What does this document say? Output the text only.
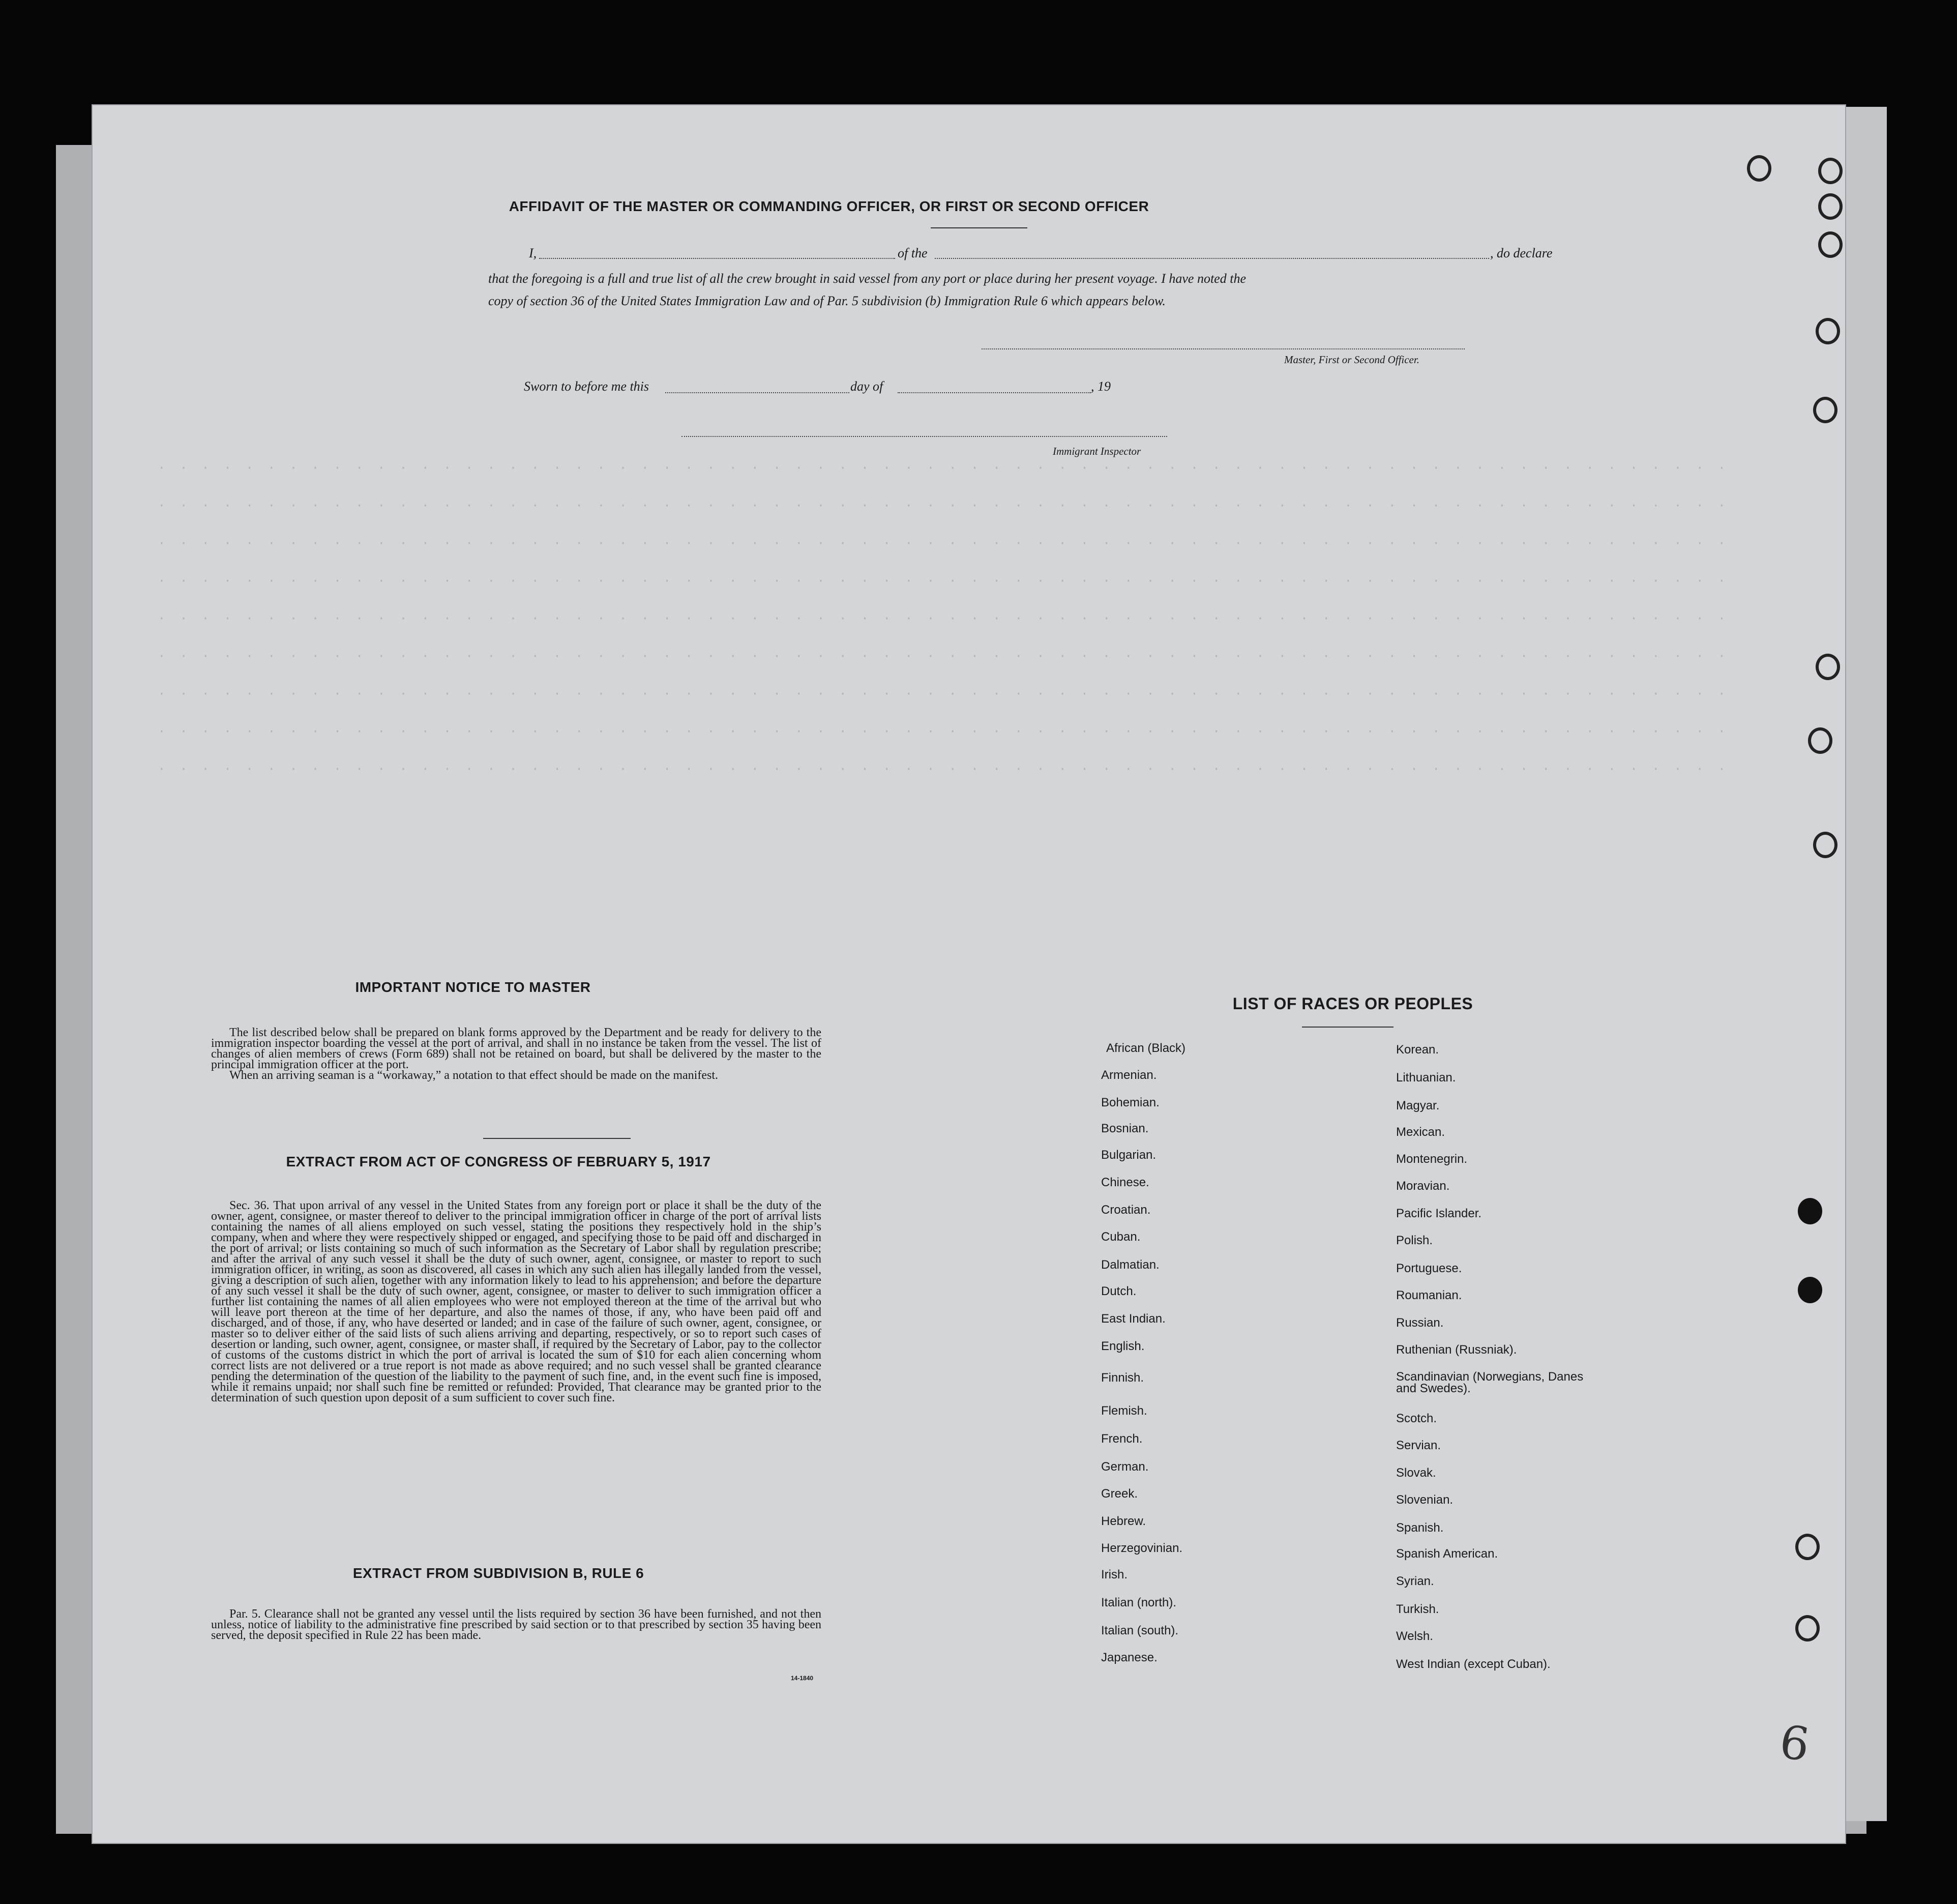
· · · · · · · · · · · · · · · · · · · · · · · · · · · · · · · · · · · · · · · · · · · · · · · · · · · · · · · · · · · · · · · · · · · · · · · ·
· · · · · · · · · · · · · · · · · · · · · · · · · · · · · · · · · · · · · · · · · · · · · · · · · · · · · · · · · · · · · · · · · · · · · · · ·
· · · · · · · · · · · · · · · · · · · · · · · · · · · · · · · · · · · · · · · · · · · · · · · · · · · · · · · · · · · · · · · · · · · · · · · ·
· · · · · · · · · · · · · · · · · · · · · · · · · · · · · · · · · · · · · · · · · · · · · · · · · · · · · · · · · · · · · · · · · · · · · · · ·
· · · · · · · · · · · · · · · · · · · · · · · · · · · · · · · · · · · · · · · · · · · · · · · · · · · · · · · · · · · · · · · · · · · · · · · ·
· · · · · · · · · · · · · · · · · · · · · · · · · · · · · · · · · · · · · · · · · · · · · · · · · · · · · · · · · · · · · · · · · · · · · · · ·
· · · · · · · · · · · · · · · · · · · · · · · · · · · · · · · · · · · · · · · · · · · · · · · · · · · · · · · · · · · · · · · · · · · · · · · ·
· · · · · · · · · · · · · · · · · · · · · · · · · · · · · · · · · · · · · · · · · · · · · · · · · · · · · · · · · · · · · · · · · · · · · · · ·
· · · · · · · · · · · · · · · · · · · · · · · · · · · · · · · · · · · · · · · · · · · · · · · · · · · · · · · · · · · · · · · · · · · · · · · ·
AFFIDAVIT OF THE MASTER OR COMMANDING OFFICER, OR FIRST OR SECOND OFFICER
I,	of the	, do declare
that the foregoing is a full and true list of all the crew brought in said vessel from any port or place during her present voyage. I have noted the
copy of section 36 of the United States Immigration Law and of Par. 5 subdivision (b) Immigration Rule 6 which appears below.
Master, First or Second Officer.
Sworn to before me this	day of	, 19
Immigrant Inspector
IMPORTANT NOTICE TO MASTER

The list described below shall be prepared on blank forms approved by the Department and be ready for delivery to the immigration inspector boarding the vessel at the port of arrival, and shall in no instance be taken from the vessel. The list of changes of alien members of crews (Form 689) shall not be retained on board, but shall be delivered by the master to the principal immigration officer at the port.

When an arriving seaman is a “workaway,” a notation to that effect should be made on the manifest.

EXTRACT FROM ACT OF CONGRESS OF FEBRUARY 5, 1917

Sec. 36. That upon arrival of any vessel in the United States from any foreign port or place it shall be the duty of the owner, agent, consignee, or master thereof to deliver to the principal immigration officer in charge of the port of arrival lists containing the names of all aliens employed on such vessel, stating the positions they respectively hold in the ship’s company, when and where they were respectively shipped or engaged, and specifying those to be paid off and discharged in the port of arrival; or lists containing so much of such information as the Secretary of Labor shall by regulation prescribe; and after the arrival of any such vessel it shall be the duty of such owner, agent, consignee, or master to report to such immigration officer, in writing, as soon as discovered, all cases in which any such alien has illegally landed from the vessel, giving a description of such alien, together with any information likely to lead to his apprehension; and before the departure of any such vessel it shall be the duty of such owner, agent, consignee, or master to deliver to such immigration officer a further list containing the names of all alien employees who were not employed thereon at the time of the arrival but who will leave port thereon at the time of her departure, and also the names of those, if any, who have been paid off and discharged, and of those, if any, who have deserted or landed; and in case of the failure of such owner, agent, consignee, or master so to deliver either of the said lists of such aliens arriving and departing, respectively, or so to report such cases of desertion or landing, such owner, agent, consignee, or master shall, if required by the Secretary of Labor, pay to the collector of customs of the customs district in which the port of arrival is located the sum of $10 for each alien concerning whom correct lists are not delivered or a true report is not made as above required; and no such vessel shall be granted clearance pending the determination of the question of the liability to the payment of such fine, and, in the event such fine is imposed, while it remains unpaid; nor shall such fine be remitted or refunded: Provided, That clearance may be granted prior to the determination of such question upon deposit of a sum sufficient to cover such fine.

EXTRACT FROM SUBDIVISION B, RULE 6

Par. 5. Clearance shall not be granted any vessel until the lists required by section 36 have been furnished, and not then unless, notice of liability to the administrative fine prescribed by said section or to that prescribed by section 35 having been served, the deposit specified in Rule 22 has been made.

14-1840
LIST OF RACES OR PEOPLES
African (Black)
Armenian.
Bohemian.
Bosnian.
Bulgarian.
Chinese.
Croatian.
Cuban.
Dalmatian.
Dutch.
East Indian.
English.
Finnish.
Flemish.
French.
German.
Greek.
Hebrew.
Herzegovinian.
Irish.
Italian (north).
Italian (south).
Japanese.
Korean.
Lithuanian.
Magyar.
Mexican.
Montenegrin.
Moravian.
Pacific Islander.
Polish.
Portuguese.
Roumanian.
Russian.
Ruthenian (Russniak).
Scandinavian (Norwegians, Danes and Swedes).
Scotch.
Servian.
Slovak.
Slovenian.
Spanish.
Spanish American.
Syrian.
Turkish.
Welsh.
West Indian (except Cuban).
6
